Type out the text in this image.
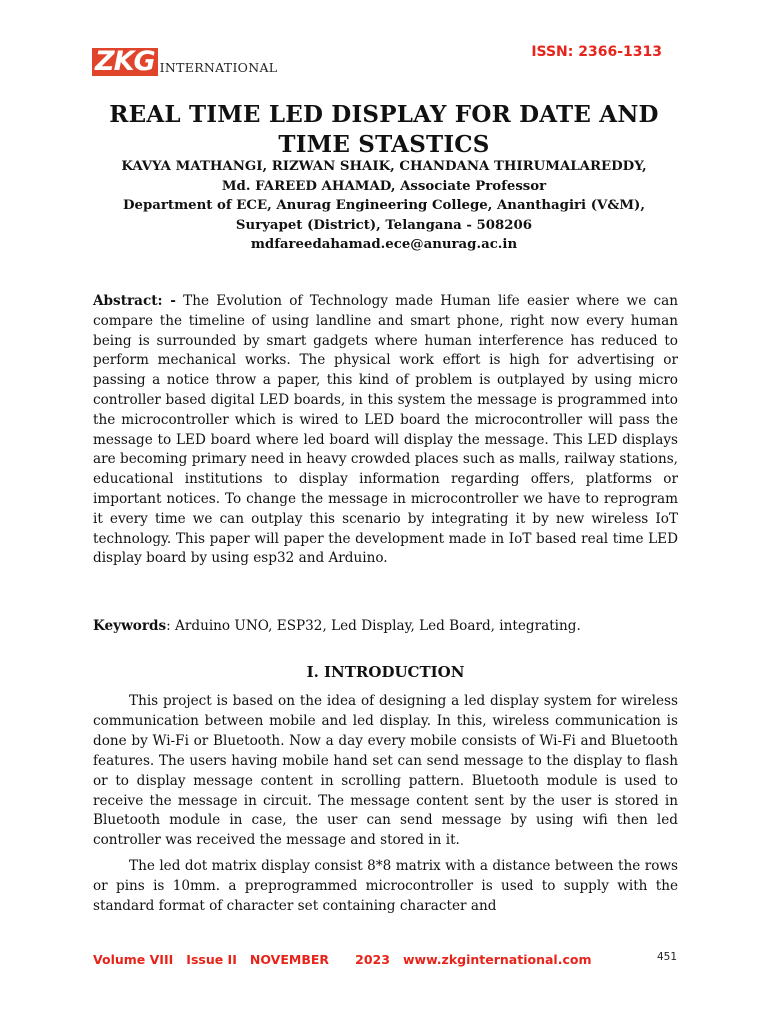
ZKG INTERNATIONAL
ISSN: 2366-1313
REAL TIME LED DISPLAY FOR DATE AND
TIME STASTICS
KAVYA MATHANGI, RIZWAN SHAIK, CHANDANA THIRUMALAREDDY,
Md. FAREED AHAMAD, Associate Professor
Department of ECE, Anurag Engineering College, Ananthagiri (V&M),
Suryapet (District), Telangana - 508206
mdfareedahamad.ece@anurag.ac.in
Abstract: - The Evolution of Technology made Human life easier where we can compare the timeline of using landline and smart phone, right now every human being is surrounded by smart gadgets where human interference has reduced to perform mechanical works. The physical work effort is high for advertising or passing a notice throw a paper, this kind of problem is outplayed by using micro controller based digital LED boards, in this system the message is programmed into the microcontroller which is wired to LED board the microcontroller will pass the message to LED board where led board will display the message. This LED displays are becoming primary need in heavy crowded places such as malls, railway stations, educational institutions to display information regarding offers, platforms or important notices. To change the message in microcontroller we have to reprogram it every time we can outplay this scenario by integrating it by new wireless IoT technology. This paper will paper the development made in IoT based real time LED display board by using esp32 and Arduino.
Keywords: Arduino UNO, ESP32, Led Display, Led Board, integrating.
I. INTRODUCTION

This project is based on the idea of designing a led display system for wireless communication between mobile and led display. In this, wireless communication is done by Wi-Fi or Bluetooth. Now a day every mobile consists of Wi-Fi and Bluetooth features. The users having mobile hand set can send message to the display to flash or to display message content in scrolling pattern. Bluetooth module is used to receive the message in circuit. The message content sent by the user is stored in Bluetooth module in case, the user can send message by using wifi then led controller was received the message and stored in it.

The led dot matrix display consist 8*8 matrix with a distance between the rows or pins is 10mm. a preprogrammed microcontroller is used to supply with the standard format of character set containing character and

Volume VIII   Issue II   NOVEMBER      2023   www.zkginternational.com	451
